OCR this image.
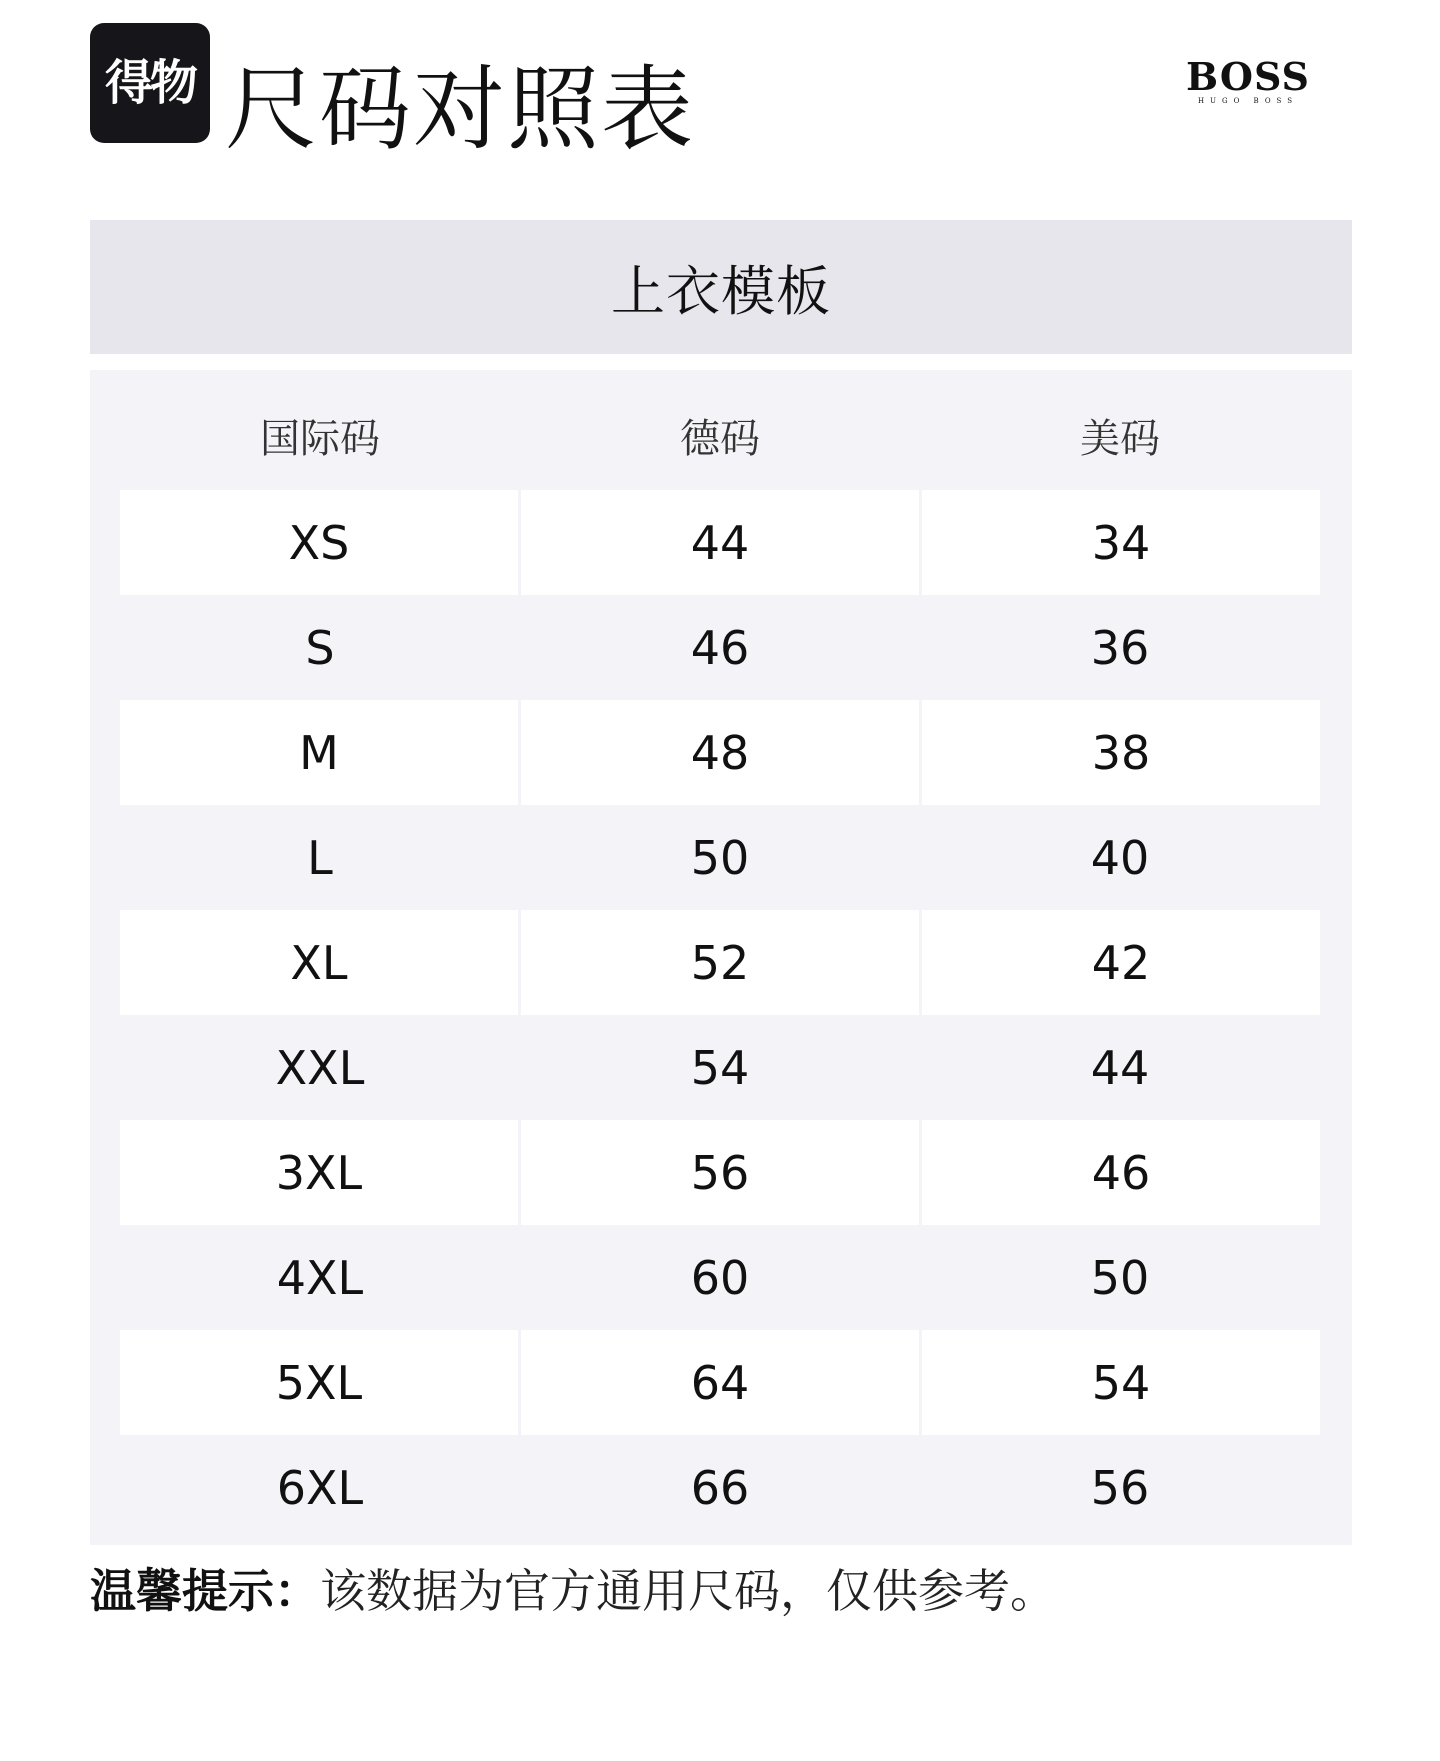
得物 尺码对照表	BOSS
HUGO BOSS
上衣模板
国际码	德码	美码
XS	44	34
S	46	36
M	48	38
L	50	40
XL	52	42
XXL	54	44
3XL	56	46
4XL	60	50
5XL	64	54
6XL	66	56
温馨提示：该数据为官方通用尺码，仅供参考。
